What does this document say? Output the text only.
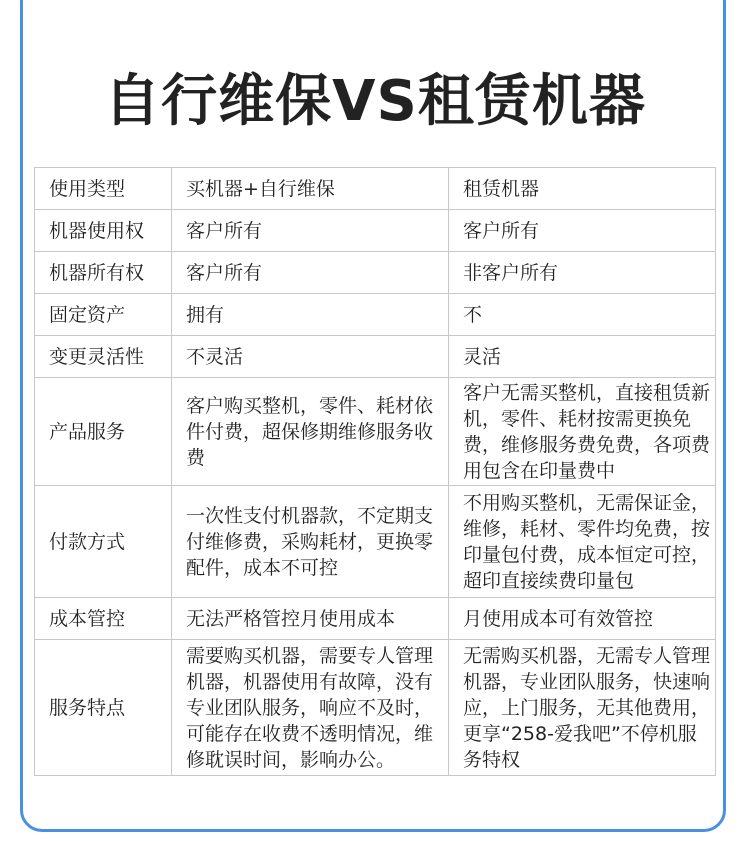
自行维保VS租赁机器
使用类型	买机器+自行维保	租赁机器
机器使用权	客户所有	客户所有
机器所有权	客户所有	非客户所有
固定资产	拥有	不
变更灵活性	不灵活	灵活
产品服务	客户购买整机，零件、耗材依件付费，超保修期维修服务收费	客户无需买整机，直接租赁新机，零件、耗材按需更换免费，维修服务费免费，各项费用包含在印量费中
付款方式	一次性支付机器款，不定期支付维修费，采购耗材，更换零配件，成本不可控	不用购买整机，无需保证金，维修，耗材、零件均免费，按印量包付费，成本恒定可控，超印直接续费印量包
成本管控	无法严格管控月使用成本	月使用成本可有效管控
服务特点	需要购买机器，需要专人管理机器，机器使用有故障，没有专业团队服务，响应不及时，可能存在收费不透明情况，维修耽误时间，影响办公。	无需购买机器，无需专人管理机器，专业团队服务，快速响应，上门服务，无其他费用，更享“258-爱我吧”不停机服务特权
